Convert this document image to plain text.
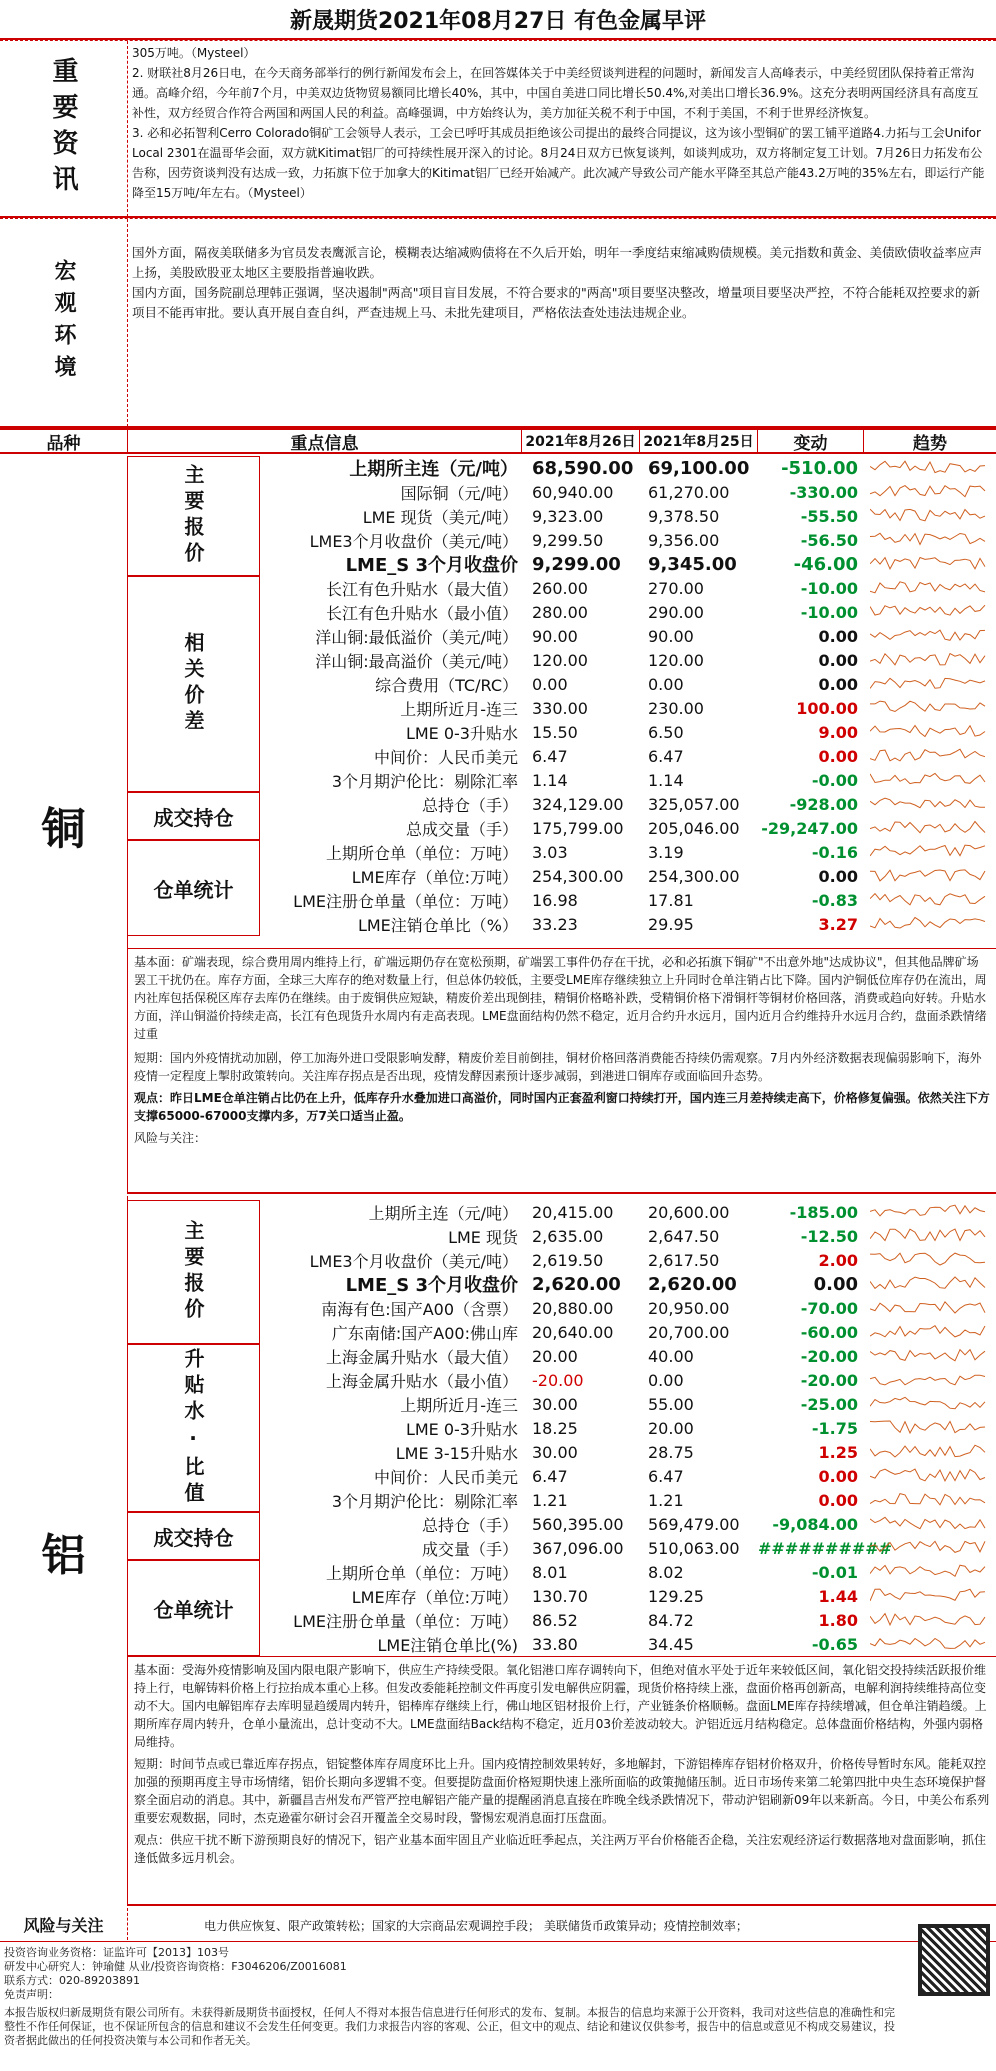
新晟期货2021年08月27日 有色金属早评
重要资讯
305万吨。（Mysteel）
2. 财联社8月26日电，在今天商务部举行的例行新闻发布会上，在回答媒体关于中美经贸谈判进程的问题时，新闻发言人高峰表示，中美经贸团队保持着正常沟通。高峰介绍，今年前7个月，中美双边货物贸易额同比增长40%，其中，中国自美进口同比增长50.4%,对美出口增长36.9%。这充分表明两国经济具有高度互补性，双方经贸合作符合两国和两国人民的利益。高峰强调，中方始终认为，美方加征关税不利于中国，不利于美国，不利于世界经济恢复。
3. 必和必拓智利Cerro Colorado铜矿工会领导人表示，工会已呼吁其成员拒绝该公司提出的最终合同提议，这为该小型铜矿的罢工铺平道路4.力拓与工会Unifor Local 2301在温哥华会面，双方就Kitimat铝厂的可持续性展开深入的讨论。8月24日双方已恢复谈判，如谈判成功，双方将制定复工计划。7月26日力拓发布公告称，因劳资谈判没有达成一致，力拓旗下位于加拿大的Kitimat铝厂已经开始减产。此次减产导致公司产能水平降至其总产能43.2万吨的35%左右，即运行产能降至15万吨/年左右。（Mysteel）
宏观环境
国外方面，隔夜美联储多为官员发表鹰派言论，模糊表达缩减购债将在不久后开始，明年一季度结束缩减购债规模。美元指数和黄金、美债欧债收益率应声上扬，美股欧股亚太地区主要股指普遍收跌。
国内方面，国务院副总理韩正强调，坚决遏制"两高"项目盲目发展，不符合要求的"两高"项目要坚决整改，增量项目要坚决严控，不符合能耗双控要求的新项目不能再审批。要认真开展自查自纠，严查违规上马、未批先建项目，严格依法查处违法违规企业。
品种	重点信息	2021年8月26日 2021年8月25日	变动	趋势
铜
主要报价	上期所主连（元/吨） 68,590.00 69,100.00	-510.00
国际铜（元/吨） 60,940.00	61,270.00	-330.00
LME 现货（美元/吨） 9,323.00	9,378.50	-55.50
LME3个月收盘价（美元/吨） 9,299.50	9,356.00	-56.50
LME_S 3个月收盘价 9,299.00	9,345.00	-46.00
相关价差
长江有色升贴水（最大值） 260.00	270.00	-10.00
长江有色升贴水（最小值） 280.00	290.00	-10.00
洋山铜:最低溢价（美元/吨） 90.00	90.00	0.00
洋山铜:最高溢价（美元/吨） 120.00	120.00	0.00
综合费用（TC/RC） 0.00	0.00	0.00
上期所近月-连三 330.00	230.00	100.00
LME 0-3升贴水 15.50	6.50	9.00
中间价：人民币美元 6.47	6.47	0.00
3个月期沪伦比：剔除汇率 1.14	1.14	-0.00
成交持仓
总持仓（手） 324,129.00	325,057.00	-928.00
总成交量（手） 175,799.00	205,046.00	-29,247.00
仓单统计
上期所仓单（单位：万吨） 3.03	3.19	-0.16
LME库存（单位:万吨） 254,300.00	254,300.00	0.00
LME注册仓单量（单位：万吨） 16.98	17.81	-0.83
LME注销仓单比（%） 33.23	29.95	3.27
基本面：矿端表现，综合费用周内维持上行，矿端远期仍存在宽松预期，矿端罢工事件仍存在干扰，必和必拓旗下铜矿"不出意外地"达成协议"，但其他品牌矿场罢工干扰仍在。库存方面，全球三大库存的绝对数量上行，但总体仍较低，主要受LME库存继续独立上升同时仓单注销占比下降。国内沪铜低位库存仍在流出，周内社库包括保税区库存去库仍在继续。由于废铜供应短缺，精废价差出现倒挂，精铜价格略补跌，受精铜价格下滑铜杆等铜材价格回落，消费或趋向好转。升贴水方面，洋山铜溢价持续走高，长江有色现货升水周内有走高表现。LME盘面结构仍然不稳定，近月合约升水远月，国内近月合约维持升水远月合约，盘面杀跌情绪过重
短期：国内外疫情扰动加剧，停工加海外进口受限影响发酵，精废价差目前倒挂，铜材价格回落消费能否持续仍需观察。7月内外经济数据表现偏弱影响下，海外疫情一定程度上掣肘政策转向。关注库存拐点是否出现，疫情发酵因素预计逐步减弱，到港进口铜库存或面临回升态势。
观点：昨日LME仓单注销占比仍在上升，低库存升水叠加进口高溢价，同时国内正套盈利窗口持续打开，国内连三月差持续走高下，价格修复偏强。依然关注下方支撑65000-67000支撑内多，万7关口适当止盈。
风险与关注：
铝
主要报价
上期所主连（元/吨） 20,415.00	20,600.00	-185.00
LME 现货 2,635.00	2,647.50	-12.50
LME3个月收盘价（美元/吨） 2,619.50	2,617.50	2.00
LME_S 3个月收盘价 2,620.00	2,620.00	0.00
南海有色:国产A00（含票） 20,880.00	20,950.00	-70.00
广东南储:国产A00:佛山库 20,640.00	20,700.00	-60.00
升贴水·比值	上海金属升贴水（最大值） 20.00	40.00	-20.00
上海金属升贴水（最小值） -20.00	0.00	-20.00
上期所近月-连三 30.00	55.00	-25.00
LME 0-3升贴水 18.25	20.00	-1.75
LME 3-15升贴水 30.00	28.75	1.25
中间价：人民币美元 6.47	6.47	0.00
3个月期沪伦比：剔除汇率 1.21	1.21	0.00
成交持仓
总持仓（手） 560,395.00	569,479.00	-9,084.00
成交量（手） 367,096.00	510,063.00	##########
仓单统计
上期所仓单（单位：万吨） 8.01	8.02	-0.01
LME库存（单位:万吨） 130.70	129.25	1.44
LME注册仓单量（单位：万吨） 86.52	84.72	1.80
LME注销仓单比(%) 33.80	34.45	-0.65
基本面：受海外疫情影响及国内限电限产影响下，供应生产持续受限。氧化铝港口库存调转向下，但绝对值水平处于近年来较低区间，氧化铝交投持续活跃报价维持上行，电解铸料价格上行拉抬成本重心上移。但发改委能耗控制文件再度引发电解供应阴霾，现货价格持续上涨，盘面价格再创新高，电解利润持续维持高位变动不大。国内电解铝库存去库明显趋缓周内转升，铝棒库存继续上行，佛山地区铝材报价上行，产业链条价格顺畅。盘面LME库存持续增减，但仓单注销趋缓。上期所库存周内转升，仓单小量流出，总计变动不大。LME盘面结Back结构不稳定，近月03价差波动较大。沪铝近远月结构稳定。总体盘面价格结构，外强内弱格局维持。
短期：时间节点或已靠近库存拐点，铝锭整体库存周度环比上升。国内疫情控制效果转好，多地解封，下游铝棒库存铝材价格双升，价格传导暂时东风。能耗双控加强的预期再度主导市场情绪，铝价长期向多逻辑不变。但要提防盘面价格短期快速上涨所面临的政策抛储压制。近日市场传来第二轮第四批中央生态环境保护督察全面启动的消息。其中，新疆昌吉州发布严管严控电解铝产能产量的提醒函消息直接在昨晚全线杀跌情况下，带动沪铝刷新09年以来新高。今日，中美公布系列重要宏观数据，同时，杰克逊霍尔研讨会召开覆盖全交易时段，警惕宏观消息面打压盘面。
观点：供应干扰不断下游预期良好的情况下，铝产业基本面牢固且产业临近旺季起点，关注两万平台价格能否企稳，关注宏观经济运行数据落地对盘面影响，抓住逢低做多远月机会。
风险与关注	电力供应恢复、限产政策转松；国家的大宗商品宏观调控手段； 美联储货币政策异动；疫情控制效率；
投资咨询业务资格：证监许可【2013】103号
研发中心研究人：钟瑜健 从业/投资咨询资格：F3046206/Z0016081
联系方式：020-89203891
免责声明：
本报告版权归新晟期货有限公司所有。未获得新晟期货书面授权，任何人不得对本报告信息进行任何形式的发布、复制。本报告的信息均来源于公开资料，我司对这些信息的准确性和完整性不作任何保证，也不保证所包含的信息和建议不会发生任何变更。我们力求报告内容的客观、公正，但文中的观点、结论和建议仅供参考，报告中的信息或意见不构成交易建议，投资者据此做出的任何投资决策与本公司和作者无关。
